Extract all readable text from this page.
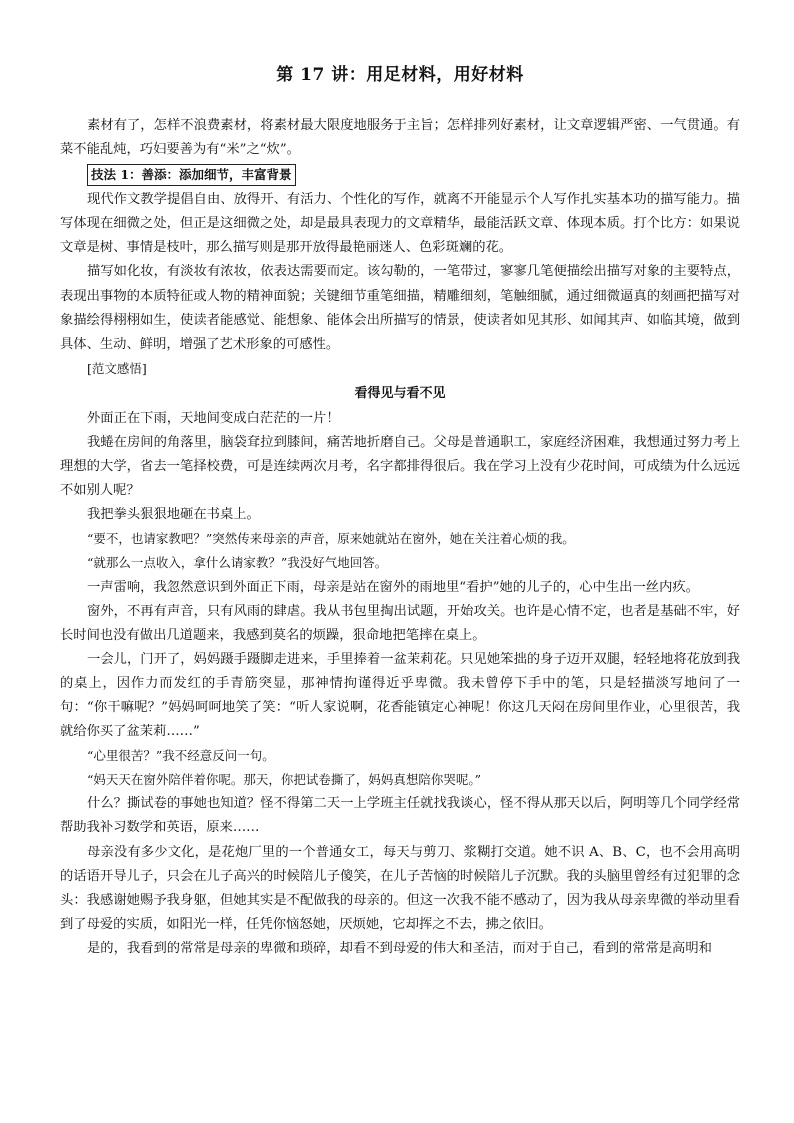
第 17 讲：用足材料，用好材料

素材有了，怎样不浪费素材，将素材最大限度地服务于主旨；怎样排列好素材，让文章逻辑严密、一气贯通。有菜不能乱炖，巧妇要善为有“米”之“炊”。

技法 1：善添：添加细节，丰富背景

现代作文教学提倡自由、放得开、有活力、个性化的写作，就离不开能显示个人写作扎实基本功的描写能力。描写体现在细微之处，但正是这细微之处，却是最具表现力的文章精华，最能活跃文章、体现本质。打个比方：如果说文章是树、事情是枝叶，那么描写则是那开放得最艳丽迷人、色彩斑斓的花。

描写如化妆，有淡妆有浓妆，依表达需要而定。该勾勒的，一笔带过，寥寥几笔便描绘出描写对象的主要特点，表现出事物的本质特征或人物的精神面貌；关键细节重笔细描，精雕细刻，笔触细腻，通过细微逼真的刻画把描写对象描绘得栩栩如生，使读者能感觉、能想象、能体会出所描写的情景，使读者如见其形、如闻其声、如临其境，做到具体、生动、鲜明，增强了艺术形象的可感性。

[范文感悟]

看得见与看不见

外面正在下雨，天地间变成白茫茫的一片！

我蜷在房间的角落里，脑袋耷拉到膝间，痛苦地折磨自己。父母是普通职工，家庭经济困难，我想通过努力考上理想的大学，省去一笔择校费，可是连续两次月考，名字都排得很后。我在学习上没有少花时间，可成绩为什么远远不如别人呢？

我把拳头狠狠地砸在书桌上。

“要不，也请家教吧？”突然传来母亲的声音，原来她就站在窗外，她在关注着心烦的我。

“就那么一点收入，拿什么请家教？”我没好气地回答。

一声雷响，我忽然意识到外面正下雨，母亲是站在窗外的雨地里“看护”她的儿子的，心中生出一丝内疚。

窗外，不再有声音，只有风雨的肆虐。我从书包里掏出试题，开始攻关。也许是心情不定，也者是基础不牢，好长时间也没有做出几道题来，我感到莫名的烦躁，狠命地把笔摔在桌上。

一会儿，门开了，妈妈蹑手蹑脚走进来，手里捧着一盆茉莉花。只见她笨拙的身子迈开双腿，轻轻地将花放到我的桌上，因作力而发红的手青筋突显，那神情拘谨得近乎卑微。我未曾停下手中的笔，只是轻描淡写地问了一句：“你干嘛呢？”妈妈呵呵地笑了笑：“听人家说啊，花香能镇定心神呢！你这几天闷在房间里作业，心里很苦，我就给你买了盆茉莉……”

“心里很苦？”我不经意反问一句。

“妈天天在窗外陪伴着你呢。那天，你把试卷撕了，妈妈真想陪你哭呢。”

什么？撕试卷的事她也知道？怪不得第二天一上学班主任就找我谈心，怪不得从那天以后，阿明等几个同学经常帮助我补习数学和英语，原来……

母亲没有多少文化，是花炮厂里的一个普通女工，每天与剪刀、浆糊打交道。她不识 A、B、C，也不会用高明的话语开导儿子，只会在儿子高兴的时候陪儿子傻笑，在儿子苦恼的时候陪儿子沉默。我的头脑里曾经有过犯罪的念头：我感谢她赐予我身躯，但她其实是不配做我的母亲的。但这一次我不能不感动了，因为我从母亲卑微的举动里看到了母爱的实质，如阳光一样，任凭你恼怒她，厌烦她，它却挥之不去，拂之依旧。

是的，我看到的常常是母亲的卑微和琐碎，却看不到母爱的伟大和圣洁，而对于自己，看到的常常是高明和
